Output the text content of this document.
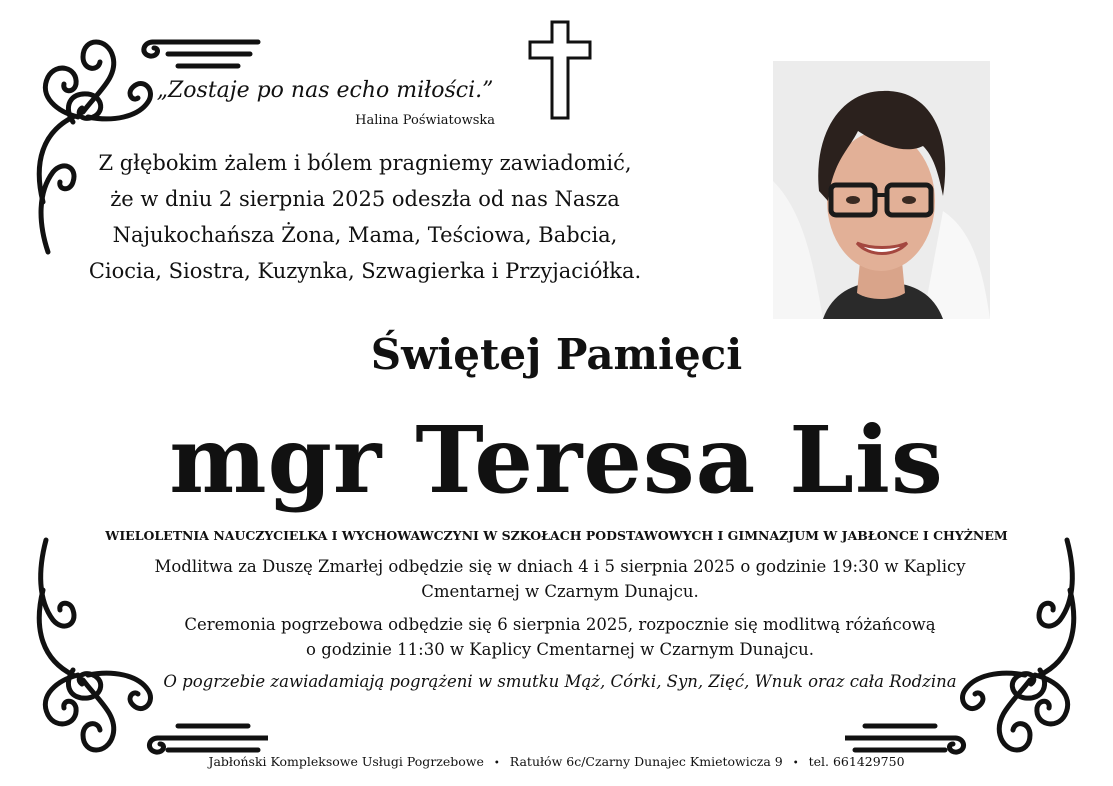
„Zostaje po nas echo miłości.”
Halina Poświatowska
Z głębokim żalem i bólem pragniemy zawiadomić,
że w dniu 2 sierpnia 2025 odeszła od nas Nasza
Najukochańsza Żona, Mama, Teściowa, Babcia,
Ciocia, Siostra, Kuzynka, Szwagierka i Przyjaciółka.
Świętej Pamięci
mgr Teresa Lis
WIELOLETNIA NAUCZYCIELKA I WYCHOWAWCZYNI W SZKOŁACH PODSTAWOWYCH I GIMNAZJUM W JABŁONCE I CHYŻNEM
Modlitwa za Duszę Zmarłej odbędzie się w dniach 4 i 5 sierpnia 2025 o godzinie 19:30 w Kaplicy
Cmentarnej w Czarnym Dunajcu.
Ceremonia pogrzebowa odbędzie się 6 sierpnia 2025, rozpocznie się modlitwą różańcową
o godzinie 11:30 w Kaplicy Cmentarnej w Czarnym Dunajcu.
O pogrzebie zawiadamiają pogrążeni w smutku Mąż, Córki, Syn, Zięć, Wnuk oraz cała Rodzina
Jabłoński Kompleksowe Usługi Pogrzebowe • Ratułów 6c/Czarny Dunajec Kmietowicza 9 • tel. 661429750
